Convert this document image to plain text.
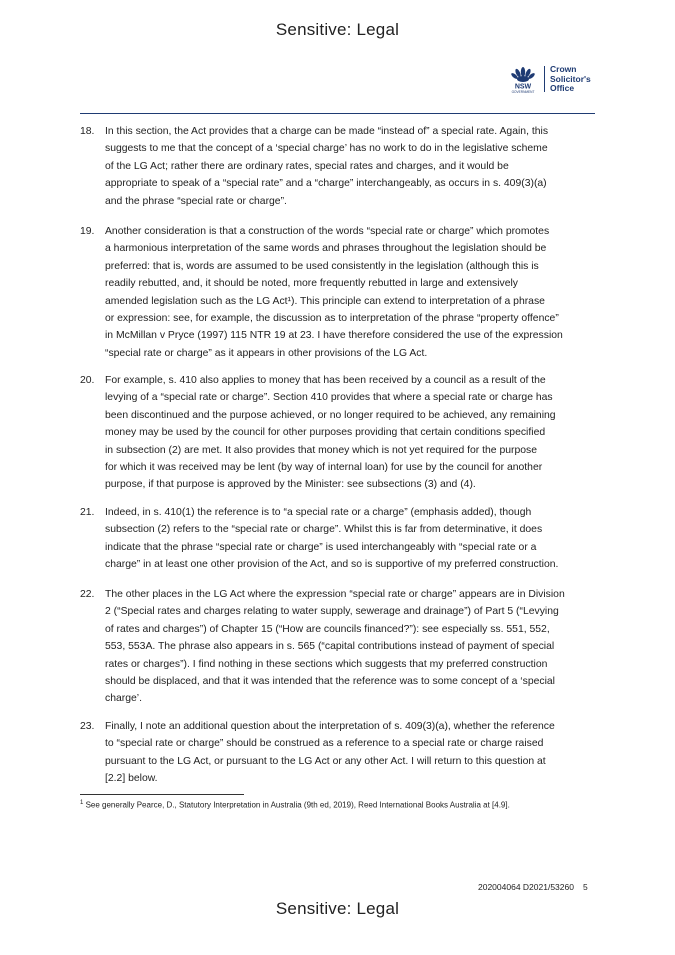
Sensitive: Legal
NSW
GOVERNMENT
Crown
Solicitor's
Office
18.	In this section, the Act provides that a charge can be made “instead of” a special rate. Again, this
suggests to me that the concept of a ‘special charge’ has no work to do in the legislative scheme
of the LG Act; rather there are ordinary rates, special rates and charges, and it would be
appropriate to speak of a “special rate” and a “charge” interchangeably, as occurs in s. 409(3)(a)
and the phrase “special rate or charge”.
19.	Another consideration is that a construction of the words “special rate or charge” which promotes
a harmonious interpretation of the same words and phrases throughout the legislation should be
preferred: that is, words are assumed to be used consistently in the legislation (although this is
readily rebutted, and, it should be noted, more frequently rebutted in large and extensively
amended legislation such as the LG Act¹). This principle can extend to interpretation of a phrase
or expression: see, for example, the discussion as to interpretation of the phrase “property offence”
in McMillan v Pryce (1997) 115 NTR 19 at 23. I have therefore considered the use of the expression
“special rate or charge” as it appears in other provisions of the LG Act.
20.	For example, s. 410 also applies to money that has been received by a council as a result of the
levying of a “special rate or charge”. Section 410 provides that where a special rate or charge has
been discontinued and the purpose achieved, or no longer required to be achieved, any remaining
money may be used by the council for other purposes providing that certain conditions specified
in subsection (2) are met. It also provides that money which is not yet required for the purpose
for which it was received may be lent (by way of internal loan) for use by the council for another
purpose, if that purpose is approved by the Minister: see subsections (3) and (4).
21.	Indeed, in s. 410(1) the reference is to “a special rate or a charge” (emphasis added), though
subsection (2) refers to the “special rate or charge”. Whilst this is far from determinative, it does
indicate that the phrase “special rate or charge” is used interchangeably with “special rate or a
charge” in at least one other provision of the Act, and so is supportive of my preferred construction.
22.	The other places in the LG Act where the expression “special rate or charge” appears are in Division
2 (“Special rates and charges relating to water supply, sewerage and drainage”) of Part 5 (“Levying
of rates and charges”) of Chapter 15 (“How are councils financed?”): see especially ss. 551, 552,
553, 553A. The phrase also appears in s. 565 (“capital contributions instead of payment of special
rates or charges”). I find nothing in these sections which suggests that my preferred construction
should be displaced, and that it was intended that the reference was to some concept of a ‘special
charge’.
23.	Finally, I note an additional question about the interpretation of s. 409(3)(a), whether the reference
to “special rate or charge” should be construed as a reference to a special rate or charge raised
pursuant to the LG Act, or pursuant to the LG Act or any other Act. I will return to this question at
[2.2] below.
$^1$ See generally Pearce, D., Statutory Interpretation in Australia (9th ed, 2019), Reed International Books Australia at [4.9].
202004064 D2021/53260 5
Sensitive: Legal
